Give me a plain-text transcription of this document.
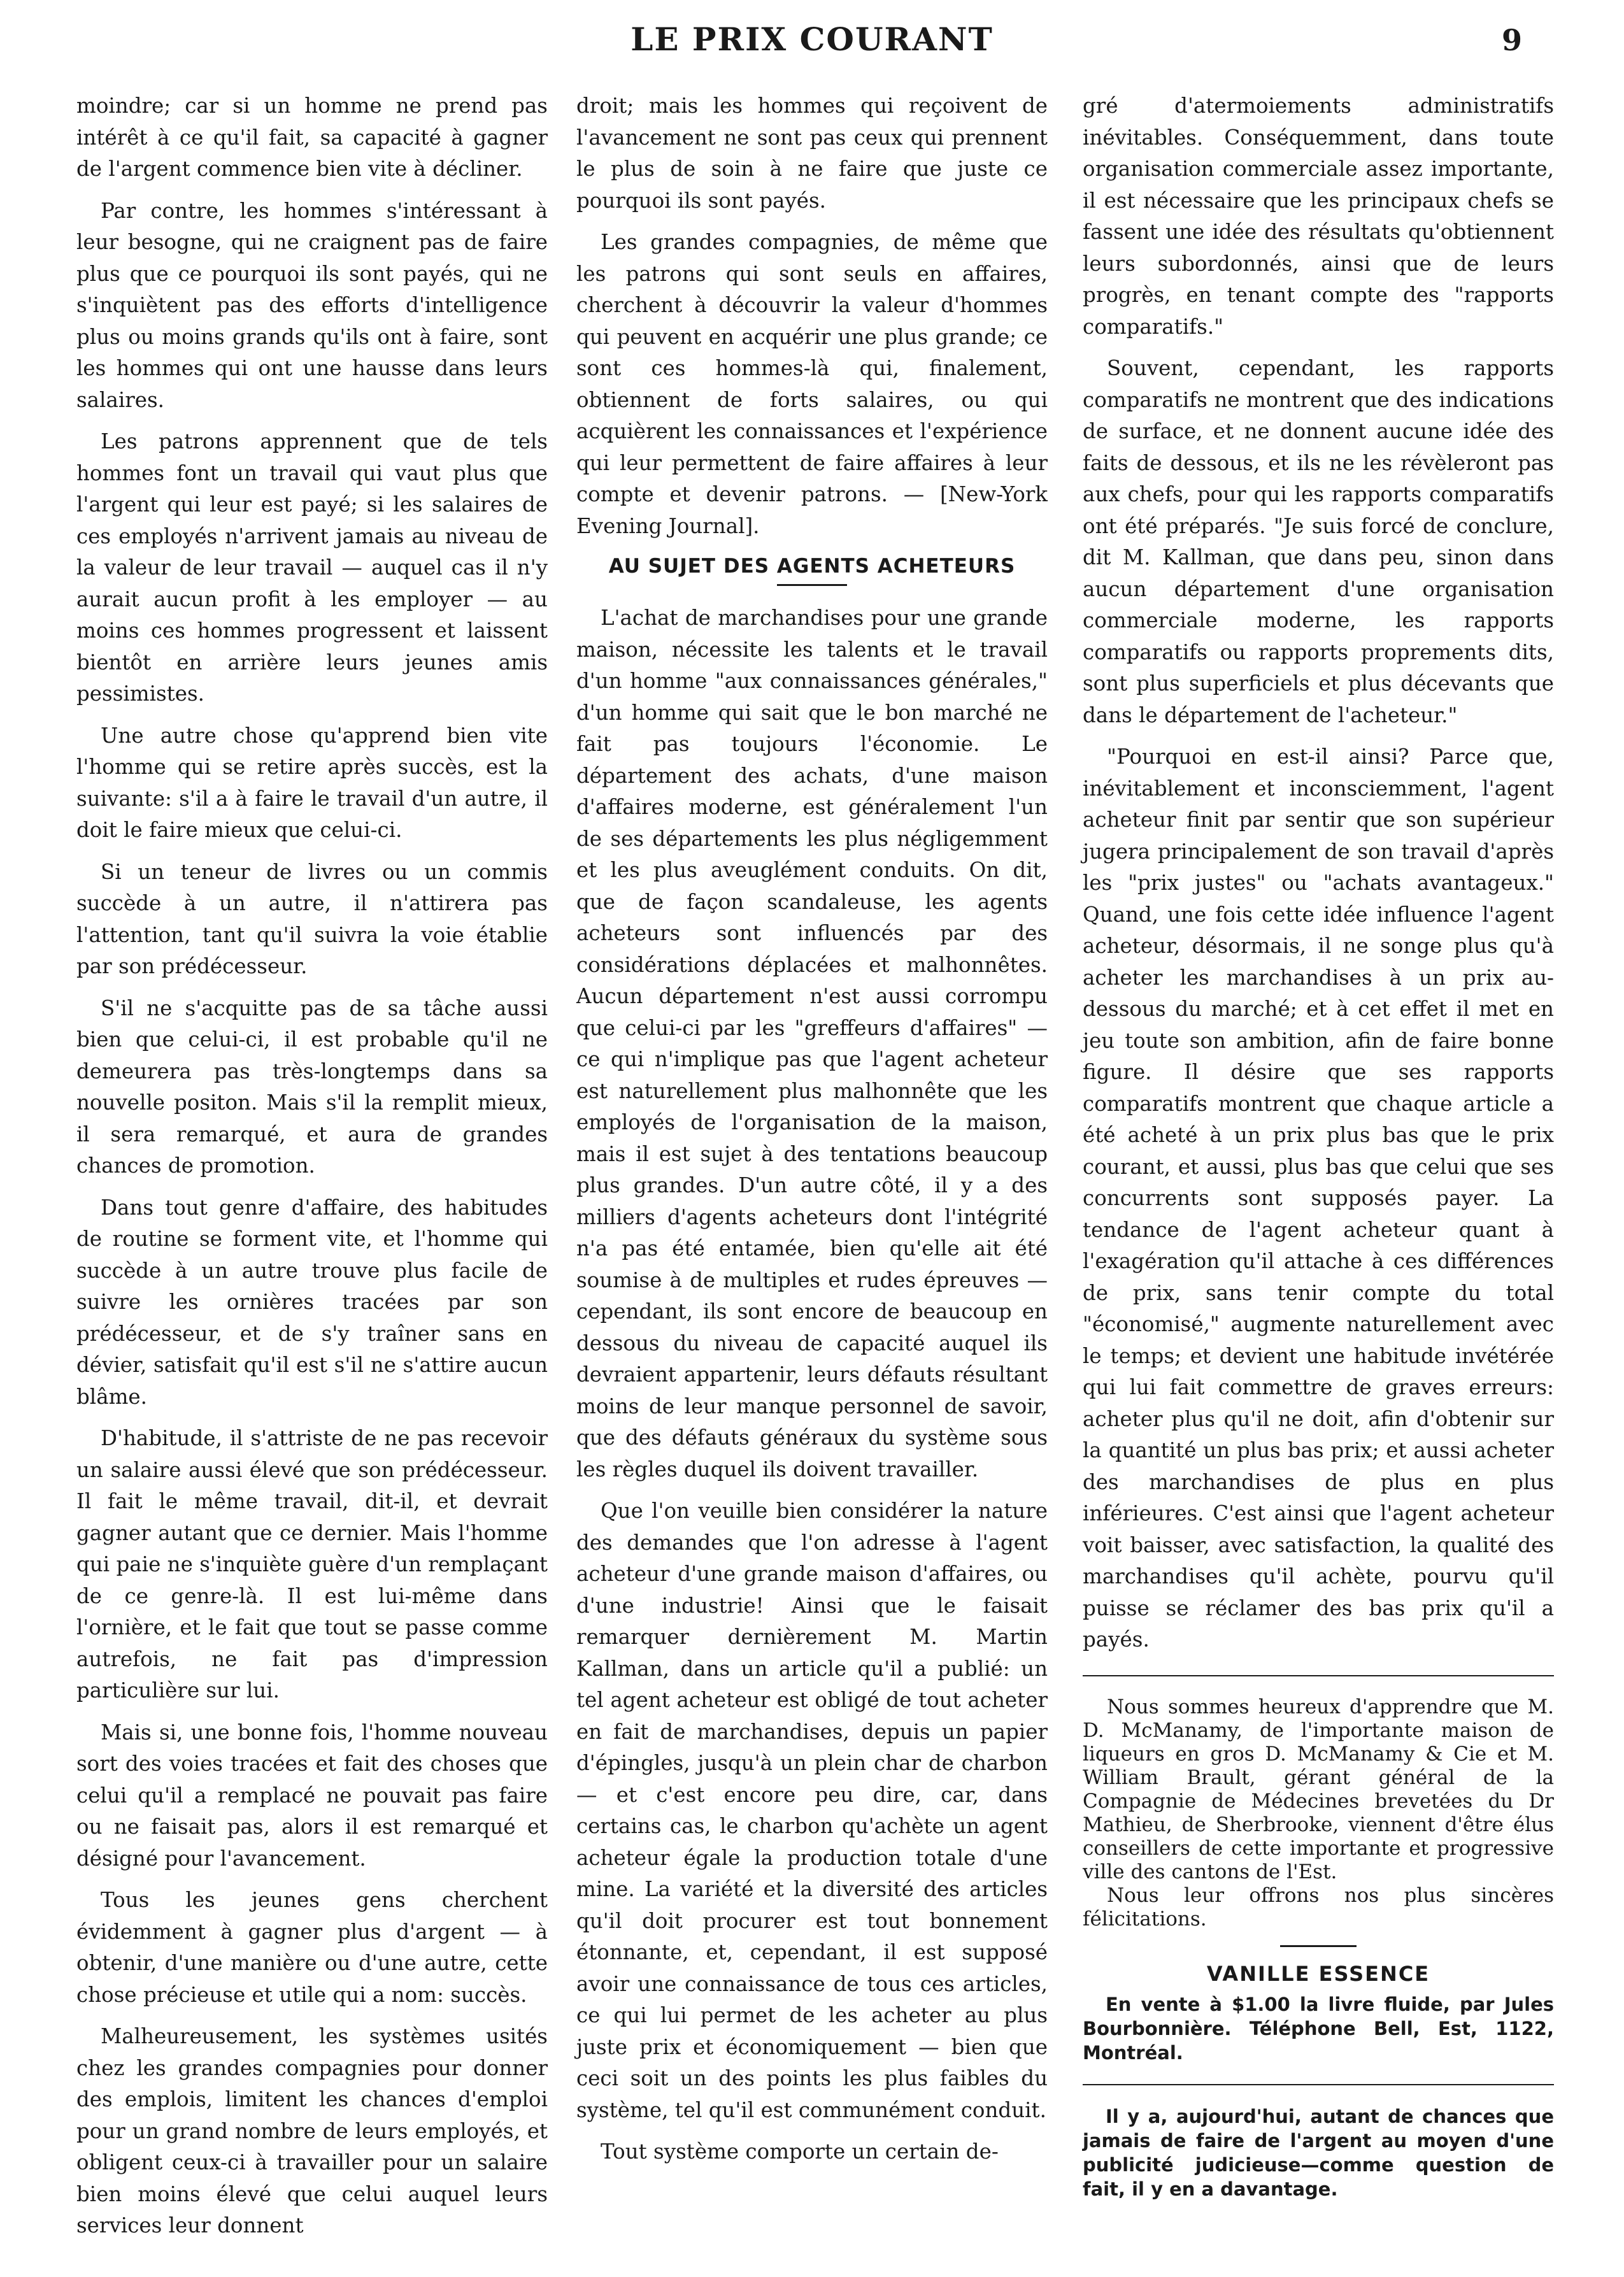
LE PRIX COURANT	9

moindre; car si un homme ne prend pas intérêt à ce qu'il fait, sa capacité à gagner de l'argent commence bien vite à décliner.

Par contre, les hommes s'intéressant à leur besogne, qui ne craignent pas de faire plus que ce pourquoi ils sont payés, qui ne s'inquiètent pas des efforts d'intelligence plus ou moins grands qu'ils ont à faire, sont les hommes qui ont une hausse dans leurs salaires.

Les patrons apprennent que de tels hommes font un travail qui vaut plus que l'argent qui leur est payé; si les salaires de ces employés n'arrivent jamais au niveau de la valeur de leur travail — auquel cas il n'y aurait aucun profit à les employer — au moins ces hommes progressent et laissent bientôt en arrière leurs jeunes amis pessimistes.

Une autre chose qu'apprend bien vite l'homme qui se retire après succès, est la suivante: s'il a à faire le travail d'un autre, il doit le faire mieux que celui-ci.

Si un teneur de livres ou un commis succède à un autre, il n'attirera pas l'attention, tant qu'il suivra la voie établie par son prédécesseur.

S'il ne s'acquitte pas de sa tâche aussi bien que celui-ci, il est probable qu'il ne demeurera pas très-longtemps dans sa nouvelle positon. Mais s'il la remplit mieux, il sera remarqué, et aura de grandes chances de promotion.

Dans tout genre d'affaire, des habitudes de routine se forment vite, et l'homme qui succède à un autre trouve plus facile de suivre les ornières tracées par son prédécesseur, et de s'y traîner sans en dévier, satisfait qu'il est s'il ne s'attire aucun blâme.

D'habitude, il s'attriste de ne pas recevoir un salaire aussi élevé que son prédécesseur. Il fait le même travail, dit-il, et devrait gagner autant que ce dernier. Mais l'homme qui paie ne s'inquiète guère d'un remplaçant de ce genre-là. Il est lui-même dans l'ornière, et le fait que tout se passe comme autrefois, ne fait pas d'impression particulière sur lui.

Mais si, une bonne fois, l'homme nouveau sort des voies tracées et fait des choses que celui qu'il a remplacé ne pouvait pas faire ou ne faisait pas, alors il est remarqué et désigné pour l'avancement.

Tous les jeunes gens cherchent évidemment à gagner plus d'argent — à obtenir, d'une manière ou d'une autre, cette chose précieuse et utile qui a nom: succès.

Malheureusement, les systèmes usités chez les grandes compagnies pour donner des emplois, limitent les chances d'emploi pour un grand nombre de leurs employés, et obligent ceux-ci à travailler pour un salaire bien moins élevé que celui auquel leurs services leur donnent

droit; mais les hommes qui reçoivent de l'avancement ne sont pas ceux qui prennent le plus de soin à ne faire que juste ce pourquoi ils sont payés.

Les grandes compagnies, de même que les patrons qui sont seuls en affaires, cherchent à découvrir la valeur d'hommes qui peuvent en acquérir une plus grande; ce sont ces hommes-là qui, finalement, obtiennent de forts salaires, ou qui acquièrent les connaissances et l'expérience qui leur permettent de faire affaires à leur compte et devenir patrons. — [New-York Evening Journal].

AU SUJET DES AGENTS ACHETEURS

L'achat de marchandises pour une grande maison, nécessite les talents et le travail d'un homme "aux connaissances générales," d'un homme qui sait que le bon marché ne fait pas toujours l'économie. Le département des achats, d'une maison d'affaires moderne, est généralement l'un de ses départements les plus négligemment et les plus aveuglément conduits. On dit, que de façon scandaleuse, les agents acheteurs sont influencés par des considérations déplacées et malhonnêtes. Aucun département n'est aussi corrompu que celui-ci par les "greffeurs d'affaires" — ce qui n'implique pas que l'agent acheteur est naturellement plus malhonnête que les employés de l'organisation de la maison, mais il est sujet à des tentations beaucoup plus grandes. D'un autre côté, il y a des milliers d'agents acheteurs dont l'intégrité n'a pas été entamée, bien qu'elle ait été soumise à de multiples et rudes épreuves — cependant, ils sont encore de beaucoup en dessous du niveau de capacité auquel ils devraient appartenir, leurs défauts résultant moins de leur manque personnel de savoir, que des défauts généraux du système sous les règles duquel ils doivent travailler.

Que l'on veuille bien considérer la nature des demandes que l'on adresse à l'agent acheteur d'une grande maison d'affaires, ou d'une industrie! Ainsi que le faisait remarquer dernièrement M. Martin Kallman, dans un article qu'il a publié: un tel agent acheteur est obligé de tout acheter en fait de marchandises, depuis un papier d'épingles, jusqu'à un plein char de charbon — et c'est encore peu dire, car, dans certains cas, le charbon qu'achète un agent acheteur égale la production totale d'une mine. La variété et la diversité des articles qu'il doit procurer est tout bonnement étonnante, et, cependant, il est supposé avoir une connaissance de tous ces articles, ce qui lui permet de les acheter au plus juste prix et économiquement — bien que ceci soit un des points les plus faibles du système, tel qu'il est communément conduit.

Tout système comporte un certain de-

gré d'atermoiements administratifs inévitables. Conséquemment, dans toute organisation commerciale assez importante, il est nécessaire que les principaux chefs se fassent une idée des résultats qu'obtiennent leurs subordonnés, ainsi que de leurs progrès, en tenant compte des "rapports comparatifs."

Souvent, cependant, les rapports comparatifs ne montrent que des indications de surface, et ne donnent aucune idée des faits de dessous, et ils ne les révèleront pas aux chefs, pour qui les rapports comparatifs ont été préparés. "Je suis forcé de conclure, dit M. Kallman, que dans peu, sinon dans aucun département d'une organisation commerciale moderne, les rapports comparatifs ou rapports proprements dits, sont plus superficiels et plus décevants que dans le département de l'acheteur."

"Pourquoi en est-il ainsi? Parce que, inévitablement et inconsciemment, l'agent acheteur finit par sentir que son supérieur jugera principalement de son travail d'après les "prix justes" ou "achats avantageux." Quand, une fois cette idée influence l'agent acheteur, désormais, il ne songe plus qu'à acheter les marchandises à un prix au-dessous du marché; et à cet effet il met en jeu toute son ambition, afin de faire bonne figure. Il désire que ses rapports comparatifs montrent que chaque article a été acheté à un prix plus bas que le prix courant, et aussi, plus bas que celui que ses concurrents sont supposés payer. La tendance de l'agent acheteur quant à l'exagération qu'il attache à ces différences de prix, sans tenir compte du total "économisé," augmente naturellement avec le temps; et devient une habitude invétérée qui lui fait commettre de graves erreurs: acheter plus qu'il ne doit, afin d'obtenir sur la quantité un plus bas prix; et aussi acheter des marchandises de plus en plus inférieures. C'est ainsi que l'agent acheteur voit baisser, avec satisfaction, la qualité des marchandises qu'il achète, pourvu qu'il puisse se réclamer des bas prix qu'il a payés.

Nous sommes heureux d'apprendre que M. D. McManamy, de l'importante maison de liqueurs en gros D. McManamy & Cie et M. William Brault, gérant général de la Compagnie de Médecines brevetées du Dr Mathieu, de Sherbrooke, viennent d'être élus conseillers de cette importante et progressive ville des cantons de l'Est.

Nous leur offrons nos plus sincères félicitations.

VANILLE ESSENCE
En vente à $1.00 la livre fluide, par Jules Bourbonnière. Téléphone Bell, Est, 1122, Montréal.
Il y a, aujourd'hui, autant de chances que jamais de faire de l'argent au moyen d'une publicité judicieuse—comme question de fait, il y en a davantage.
